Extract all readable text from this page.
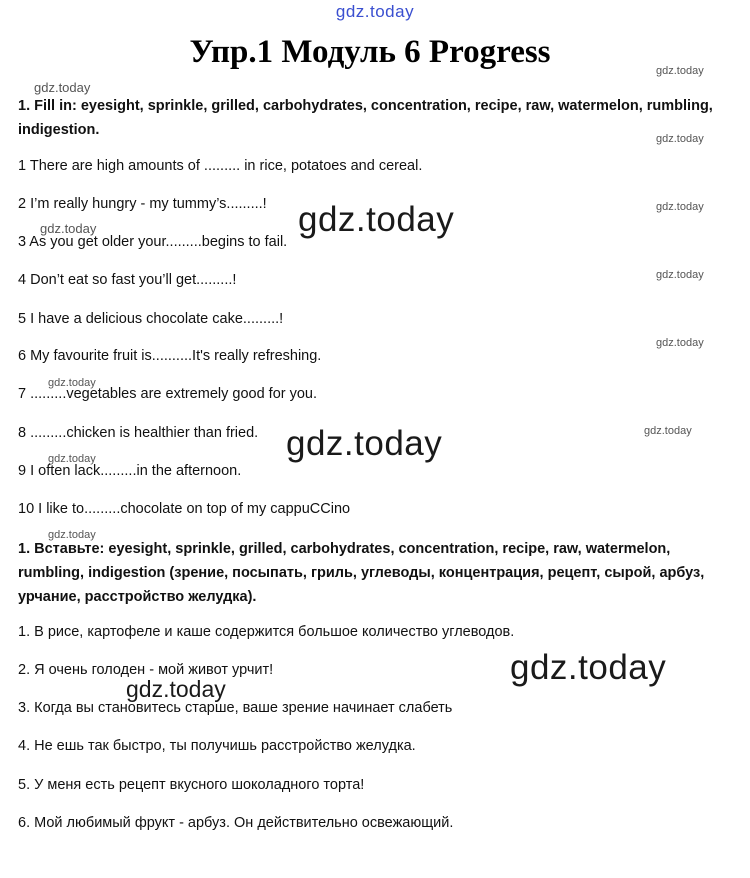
gdz.today
Упр.1 Модуль 6 Progress
1. Fill in: eyesight, sprinkle, grilled, carbohydrates, concentration, recipe, raw, watermelon, rumbling,
indigestion.
1 There are high amounts of ......... in rice, potatoes and cereal.
2 I’m really hungry - my tummy’s.........!
3 As you get older your.........begins to fail.
4 Don’t eat so fast you’ll get.........!
5 I have a delicious chocolate cake.........!
6 My favourite fruit is..........It's really refreshing.
7 .........vegetables are extremely good for you.
8 .........chicken is healthier than fried.
9 I often lack.........in the afternoon.
10 I like to.........chocolate on top of my cappuCCino
1. Вставьте: eyesight, sprinkle, grilled, carbohydrates, concentration, recipe, raw, watermelon,
rumbling, indigestion (зрение, посыпать, гриль, углеводы, концентрация, рецепт, сырой, арбуз,
урчание, расстройство желудка).
1. В рисе, картофеле и каше содержится большое количество углеводов.
2. Я очень голоден - мой живот урчит!
3. Когда вы становитесь старше, ваше зрение начинает слабеть
4. Не ешь так быстро, ты получишь расстройство желудка.
5. У меня есть рецепт вкусного шоколадного торта!
6. Мой любимый фрукт - арбуз. Он действительно освежающий.
gdz.today
gdz.today
gdz.today
gdz.today
gdz.today
gdz.today
gdz.today
gdz.today
gdz.today
gdz.today
gdz.today
gdz.today
gdz.today
gdz.today
gdz.today
